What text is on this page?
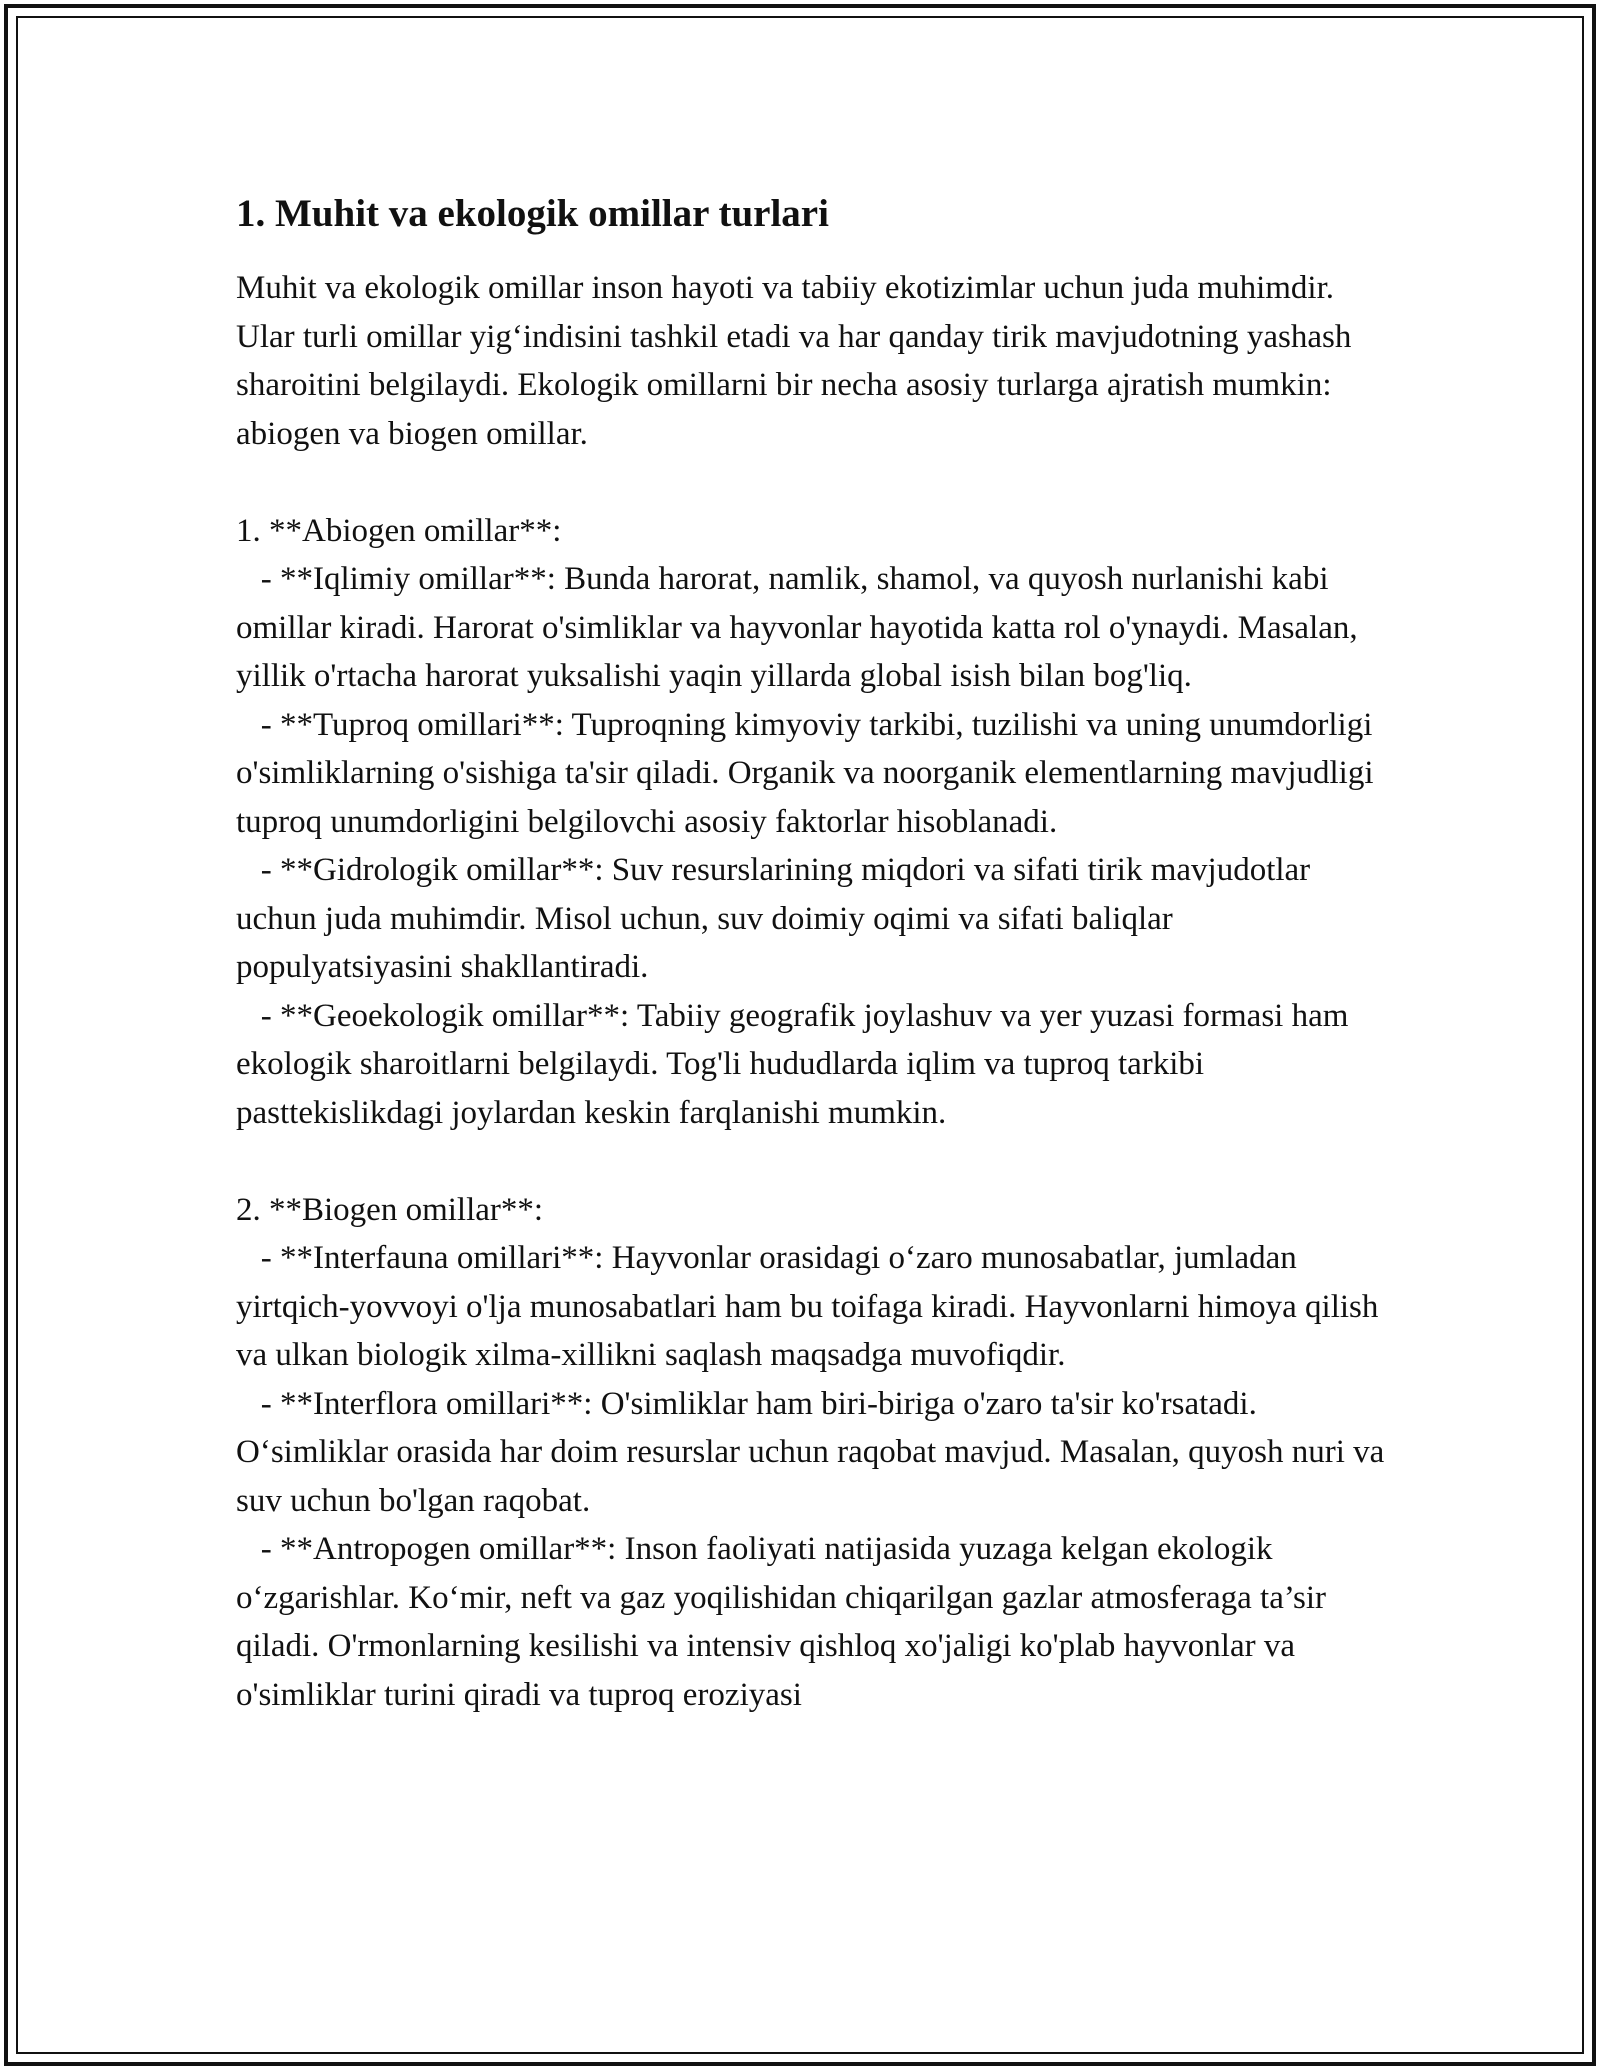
1. Muhit va ekologik omillar turlari

Muhit va ekologik omillar inson hayoti va tabiiy ekotizimlar uchun juda muhimdir. Ular turli omillar yig‘indisini tashkil etadi va har qanday tirik mavjudotning yashash sharoitini belgilaydi. Ekologik omillarni bir necha asosiy turlarga ajratish mumkin: abiogen va biogen omillar.

1. **Abiogen omillar**:

- **Iqlimiy omillar**: Bunda harorat, namlik, shamol, va quyosh nurlanishi kabi omillar kiradi. Harorat o'simliklar va hayvonlar hayotida katta rol o'ynaydi. Masalan, yillik o'rtacha harorat yuksalishi yaqin yillarda global isish bilan bog'liq.

- **Tuproq omillari**: Tuproqning kimyoviy tarkibi, tuzilishi va uning unumdorligi o'simliklarning o'sishiga ta'sir qiladi. Organik va noorganik elementlarning mavjudligi tuproq unumdorligini belgilovchi asosiy faktorlar hisoblanadi.

- **Gidrologik omillar**: Suv resurslarining miqdori va sifati tirik mavjudotlar uchun juda muhimdir. Misol uchun, suv doimiy oqimi va sifati baliqlar populyatsiyasini shakllantiradi.

- **Geoekologik omillar**: Tabiiy geografik joylashuv va yer yuzasi formasi ham ekologik sharoitlarni belgilaydi. Tog'li hududlarda iqlim va tuproq tarkibi pasttekislikdagi joylardan keskin farqlanishi mumkin.

2. **Biogen omillar**:

- **Interfauna omillari**: Hayvonlar orasidagi o‘zaro munosabatlar, jumladan yirtqich-yovvoyi o'lja munosabatlari ham bu toifaga kiradi. Hayvonlarni himoya qilish va ulkan biologik xilma-xillikni saqlash maqsadga muvofiqdir.

- **Interflora omillari**: O'simliklar ham biri-biriga o'zaro ta'sir ko'rsatadi. O‘simliklar orasida har doim resurslar uchun raqobat mavjud. Masalan, quyosh nuri va suv uchun bo'lgan raqobat.

- **Antropogen omillar**: Inson faoliyati natijasida yuzaga kelgan ekologik o‘zgarishlar. Ko‘mir, neft va gaz yoqilishidan chiqarilgan gazlar atmosferaga ta’sir qiladi. O'rmonlarning kesilishi va intensiv qishloq xo'jaligi ko'plab hayvonlar va o'simliklar turini qiradi va tuproq eroziyasi
